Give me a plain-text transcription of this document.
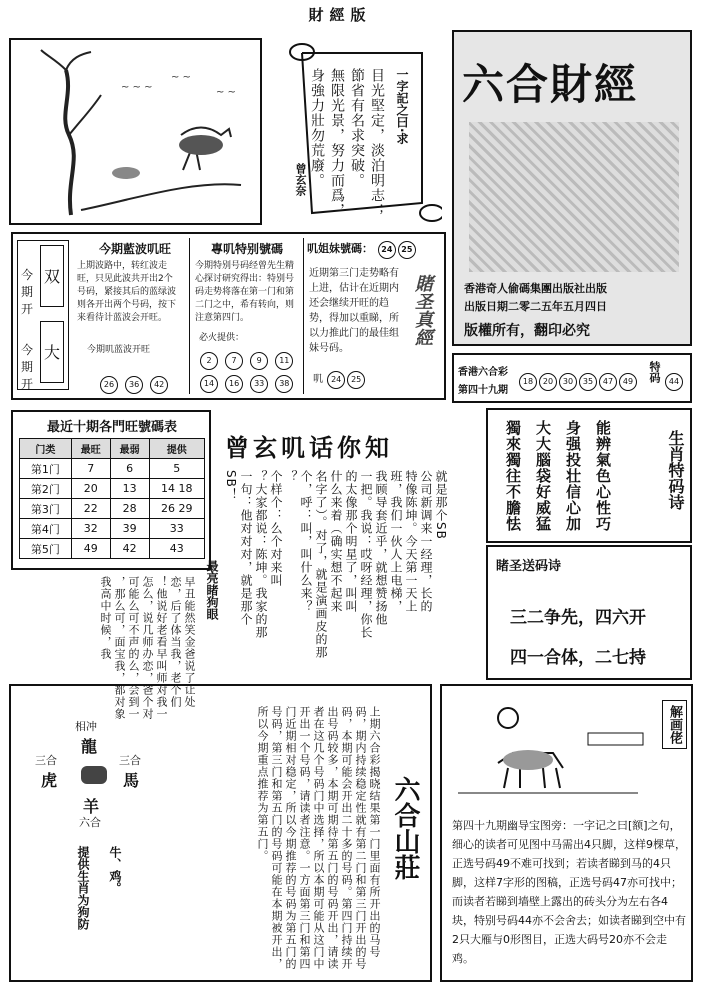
財經版
~ ~ ~
~ ~
~ ~	一字記之曰·求
目光堅定，淡泊明志；
節省有名求突破。
無限光景，努力而爲，
身強力壯勿荒廢。
曾玄奈
六合財經
香港奇人偷碼集團出版社出版
出版日期二零二五年五月四日
版權所有，翻印必究
今期开
双
今期开
大
今期藍波叽旺
上期波路中，转红波走旺，只见此波共开出2个号码，紧接其后的蓝绿波则各开出两个号码，按下来看待计蓝波会开旺。
今期叽蓝波开旺
26 36 42
專叽特别號碼
今期特别号码经曾先生精心探讨研究得出：特别号码走势将落在第一门和第二门之中，希有转向，则注意第四门。
必火提供：
2	7	9 11 14 16 33 38
叽姐妹號碼： 24 25
近期第三门走势略有上进，估计在近期内还会继续开旺的趋势，得加以重睇，所以力推此门的最佳组妹号码。
賭圣真經
叽 24 25
香港六合彩
第四十九期
18 20 30 35 47 49	特码 44
最近十期各門旺號碼表
门类	最旺	最弱	提供
第1门	7	6	5
第2门	20	13	14 18
第3门	22	28	26 29
第4门	32	39	33
第5门	49	42	43
曾玄叽话你知
就是那个SB
公司新调来一经理，长的
特像陈坤。今天第一天上
班，我们一伙人上电梯，
我顾导套近乎，就想赞扬他
一把。我说：哎呀经理，你长
的太像那个明星了，叫叫
什么来着（确实想不起来
名字了）。对了，就是演画皮的那
个，呼：叫，叫什么来？
？
个样个：么个对来叫
？大家都说：陈坤。我家的那
一句：他对对对，就是那个
SB！
早丑能然笑金爸说了让处
恋，后了体当我，老个们
！他说好老看早叫师对我一
怎么，说几师办恋，爸个对
可能么可不声的么，会到一
，那么可，面宝我，都对象
我高中时候，我	最亮睹狗眼
生肖特码诗
能辨氣色心性巧
身强投壮信心加
大大腦袋好威猛
獨來獨往不膽怯
睹圣送码诗
三二争先，四六开
四一合体，二七持
相冲
龍
三合
虎
三合
馬
羊
六合
牛、鸡。
提供生肖为狗防	上期六合彩揭晓结果第一门里面有所开出的马号码，期内持续稳定性就有第二门和第三门开出的号码，本期可能会开出二十多的号码。第四门持续开出号码较多，本期可期待第五门的号码开出，请读者在这几个号码门中选择，所以本期可能从这门中开出一个号码，请读者注意。一方面第三门和第四门近期相对稳定，所以今期推荐的号码为第五门的号码，第三门和第五门的号码可能在本期被开出，所以今期重点推荐为第五门。	六合山莊
解画佬
第四十九期幽导宝图旁：一字记之曰[额]之句，细心的读者可见图中马需出4只脚，这样9棵草，正选号码49不难可找到；若读者睇到马的4只脚，这样7字形的图稿，正选号码47亦可找中；而读者若睇到墙壁上露出的砖头分为左右各4块，特别号码44亦不会舍去；如读者睇到空中有2只大雁与0形图目，正选大码号20亦不会走鸡。
